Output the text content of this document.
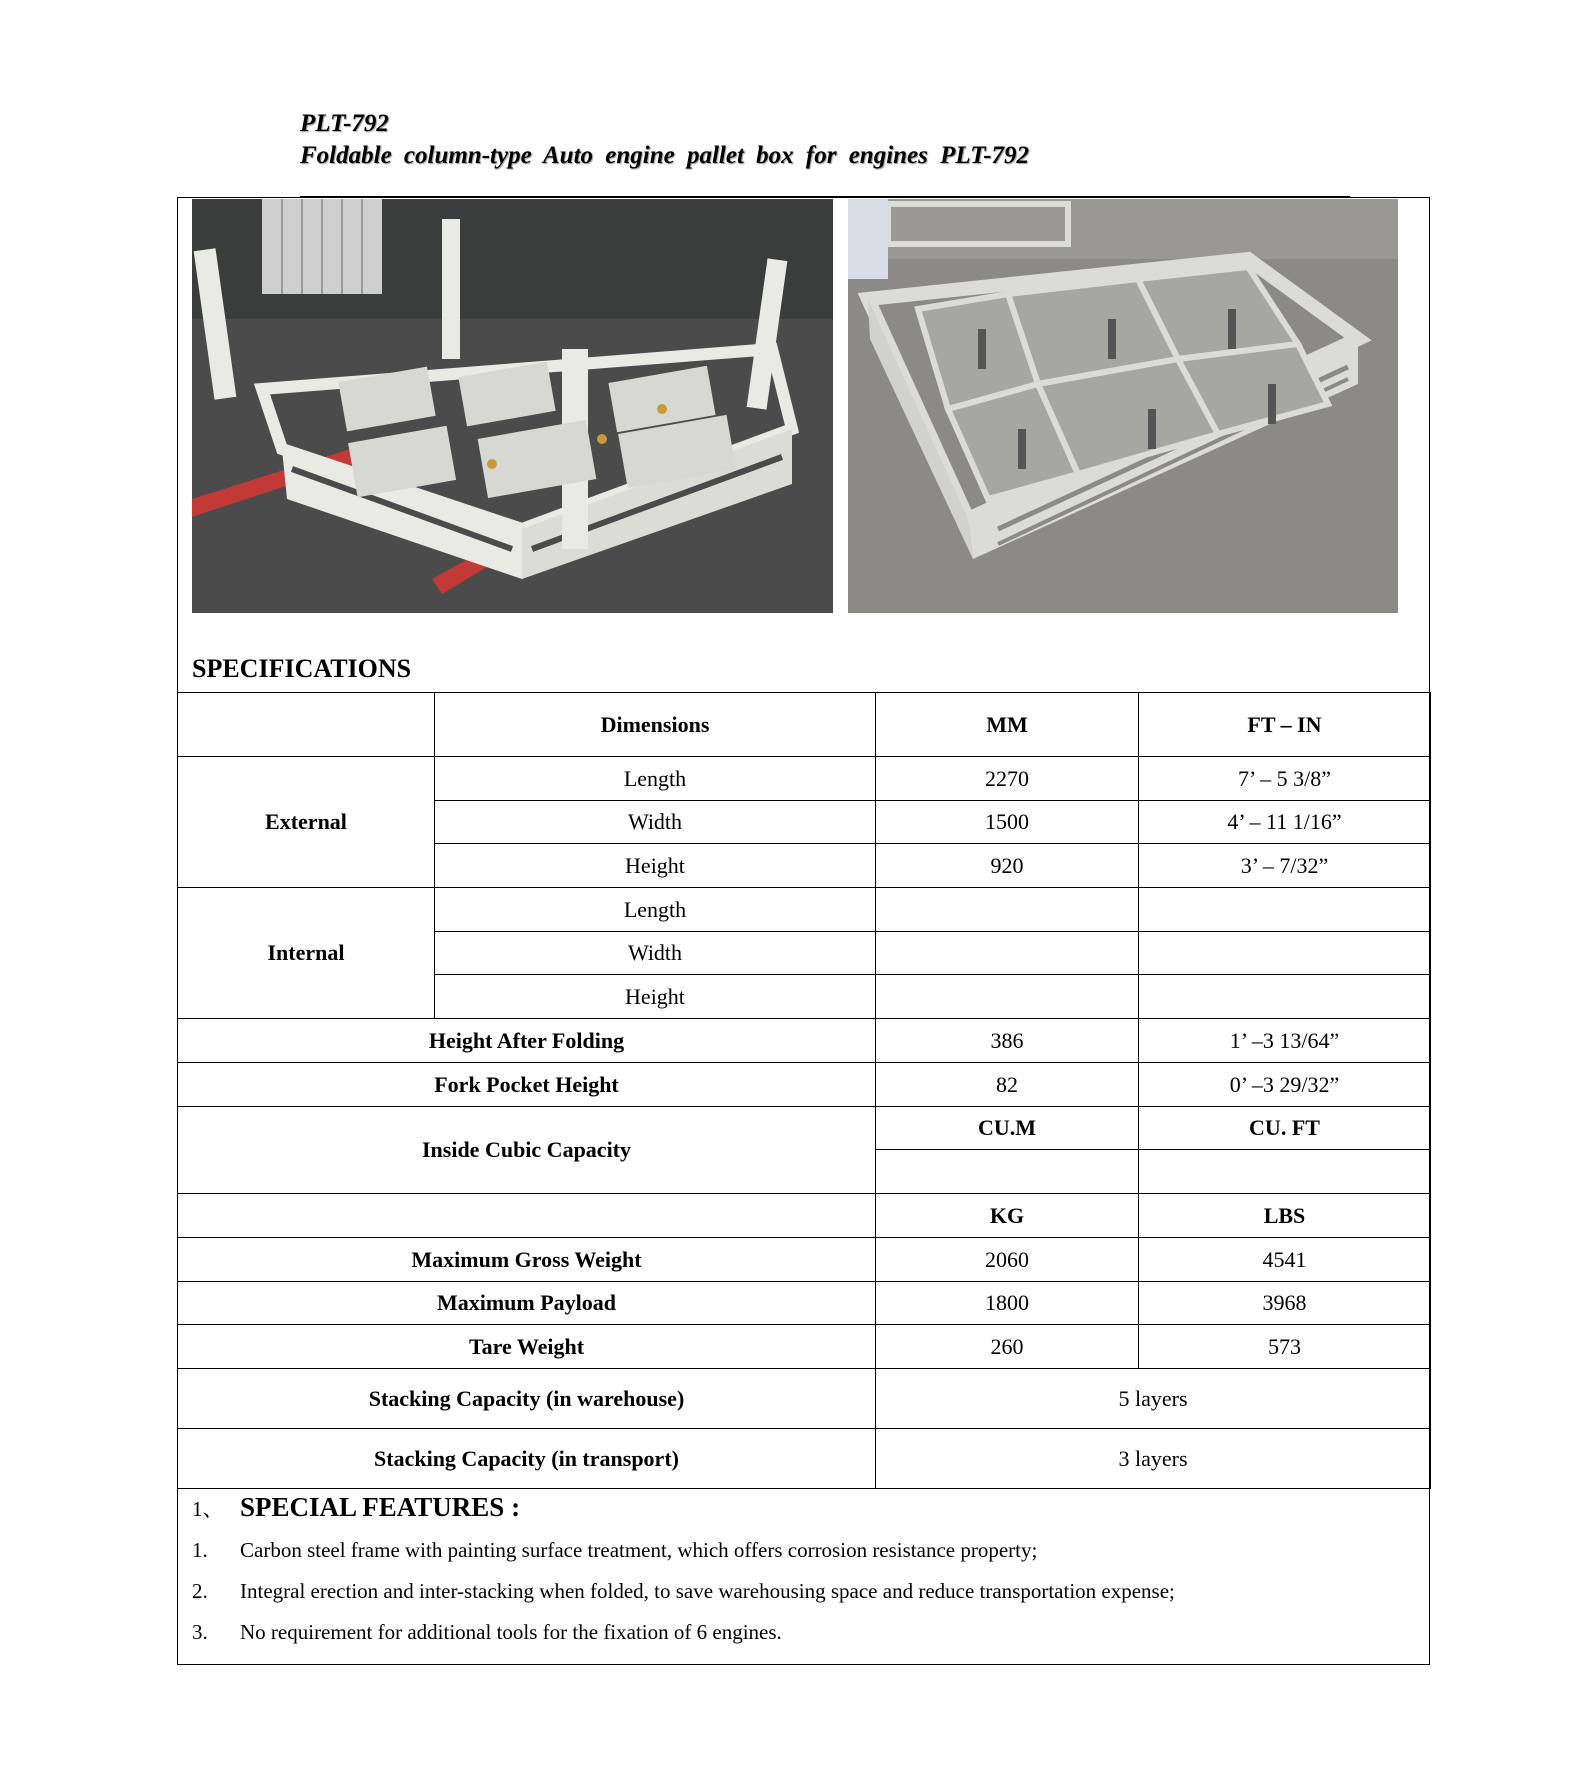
PLT-792
Foldable column-type Auto engine pallet box for engines PLT-792
SPECIFICATIONS
	Dimensions	MM	FT – IN
External	Length	2270	7’ – 5 3/8”
	Width	1500	4’ – 11 1/16”
	Height	920	3’ – 7/32”
Internal	Length		
	Width		
	Height		
Height After Folding		386	1’ –3 13/64”
Fork Pocket Height		82	0’ –3 29/32”
Inside Cubic Capacity		CU.M	CU. FT

		KG	LBS
Maximum Gross Weight		2060	4541
Maximum Payload		1800	3968
Tare Weight		260	573
Stacking Capacity (in warehouse)		5 layers	
Stacking Capacity (in transport)		3 layers	
1、 SPECIAL FEATURES :
1.	Carbon steel frame with painting surface treatment, which offers corrosion resistance property;
2.	Integral erection and inter-stacking when folded, to save warehousing space and reduce transportation expense;
3.	No requirement for additional tools for the fixation of 6 engines.
